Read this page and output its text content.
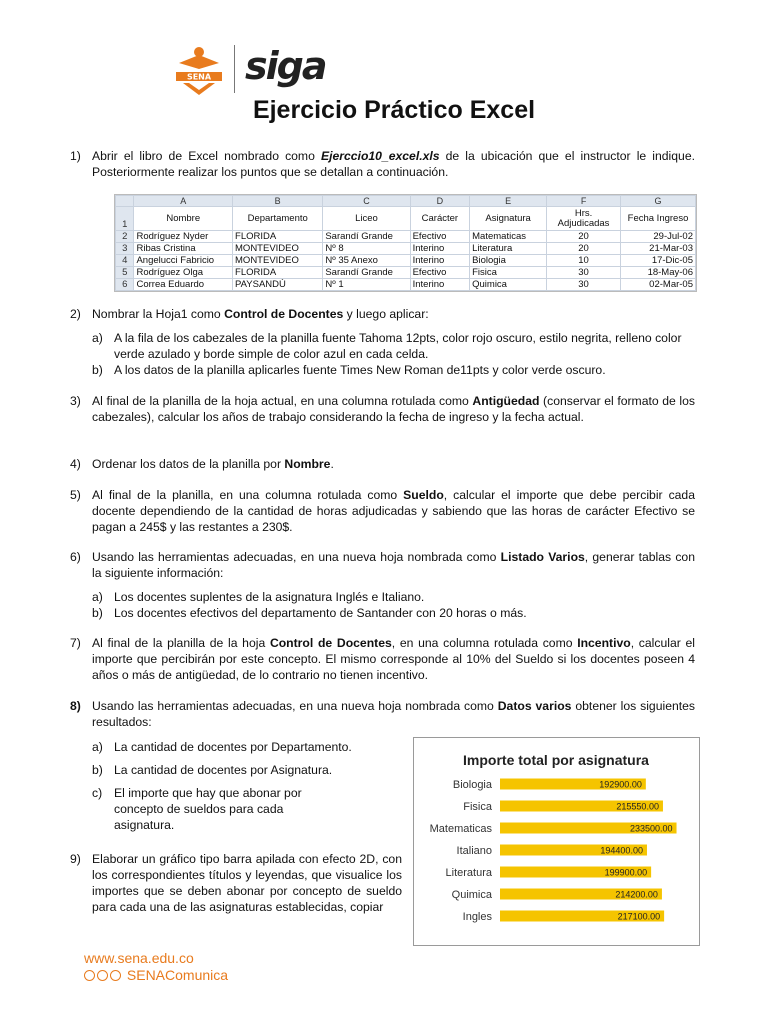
SENA siga
Ejercicio Práctico Excel
1) Abrir el libro de Excel nombrado como Ejerccio10_excel.xls de la ubicación que el instructor le indique. Posteriormente realizar los puntos que se detallan a continuación.
	A	B	C	D	E	F	G
1	Nombre	Departamento	Liceo	Carácter	Asignatura	Hrs. Adjudicadas	Fecha Ingreso
2	Rodríguez Nyder	FLORIDA	Sarandí Grande	Efectivo	Matematicas	20	29-Jul-02
3	Ribas Cristina	MONTEVIDEO	Nº 8	Interino	Literatura	20	21-Mar-03
4	Angelucci Fabricio	MONTEVIDEO	Nº 35 Anexo	Interino	Biologia	10	17-Dic-05
5	Rodríguez Olga	FLORIDA	Sarandí Grande	Efectivo	Fisica	30	18-May-06
6	Correa Eduardo	PAYSANDÚ	Nº 1	Interino	Quimica	30	02-Mar-05
2) Nombrar la Hoja1 como Control de Docentes y luego aplicar:
a) A la fila de los cabezales de la planilla fuente Tahoma 12pts, color rojo oscuro, estilo negrita, relleno color verde azulado y borde simple de color azul en cada celda.
b) A los datos de la planilla aplicarles fuente Times New Roman de11pts y color verde oscuro.
3) Al final de la planilla de la hoja actual, en una columna rotulada como Antigüedad (conservar el formato de los cabezales), calcular los años de trabajo considerando la fecha de ingreso y la fecha actual.
4) Ordenar los datos de la planilla por Nombre.
5) Al final de la planilla, en una columna rotulada como Sueldo, calcular el importe que debe percibir cada docente dependiendo de la cantidad de horas adjudicadas y sabiendo que las horas de carácter Efectivo se pagan a 245$ y las restantes a 230$.
6) Usando las herramientas adecuadas, en una nueva hoja nombrada como Listado Varios, generar tablas con la siguiente información:
a) Los docentes suplentes de la asignatura Inglés e Italiano.
b) Los docentes efectivos del departamento de Santander con 20 horas o más.
7) Al final de la planilla de la hoja Control de Docentes, en una columna rotulada como Incentivo, calcular el importe que percibirán por este concepto. El mismo corresponde al 10% del Sueldo si los docentes poseen 4 años o más de antigüedad, de lo contrario no tienen incentivo.
8) Usando las herramientas adecuadas, en una nueva hoja nombrada como Datos varios obtener los siguientes resultados:
a) La cantidad de docentes por Departamento.
b) La cantidad de docentes por Asignatura.
c) El importe que hay que abonar por concepto de sueldos para cada asignatura.
9) Elaborar un gráfico tipo barra apilada con efecto 2D, con los correspondientes títulos y leyendas, que visualice los importes que se deben abonar por concepto de sueldo para cada una de las asignaturas establecidas, copiar
Importe total por asignatura
Biologia	192900.00
Fisica	215550.00
Matematicas	233500.00
Italiano	194400.00
Literatura	199900.00
Quimica	214200.00
Ingles	217100.00
www.sena.edu.co
SENAComunica
